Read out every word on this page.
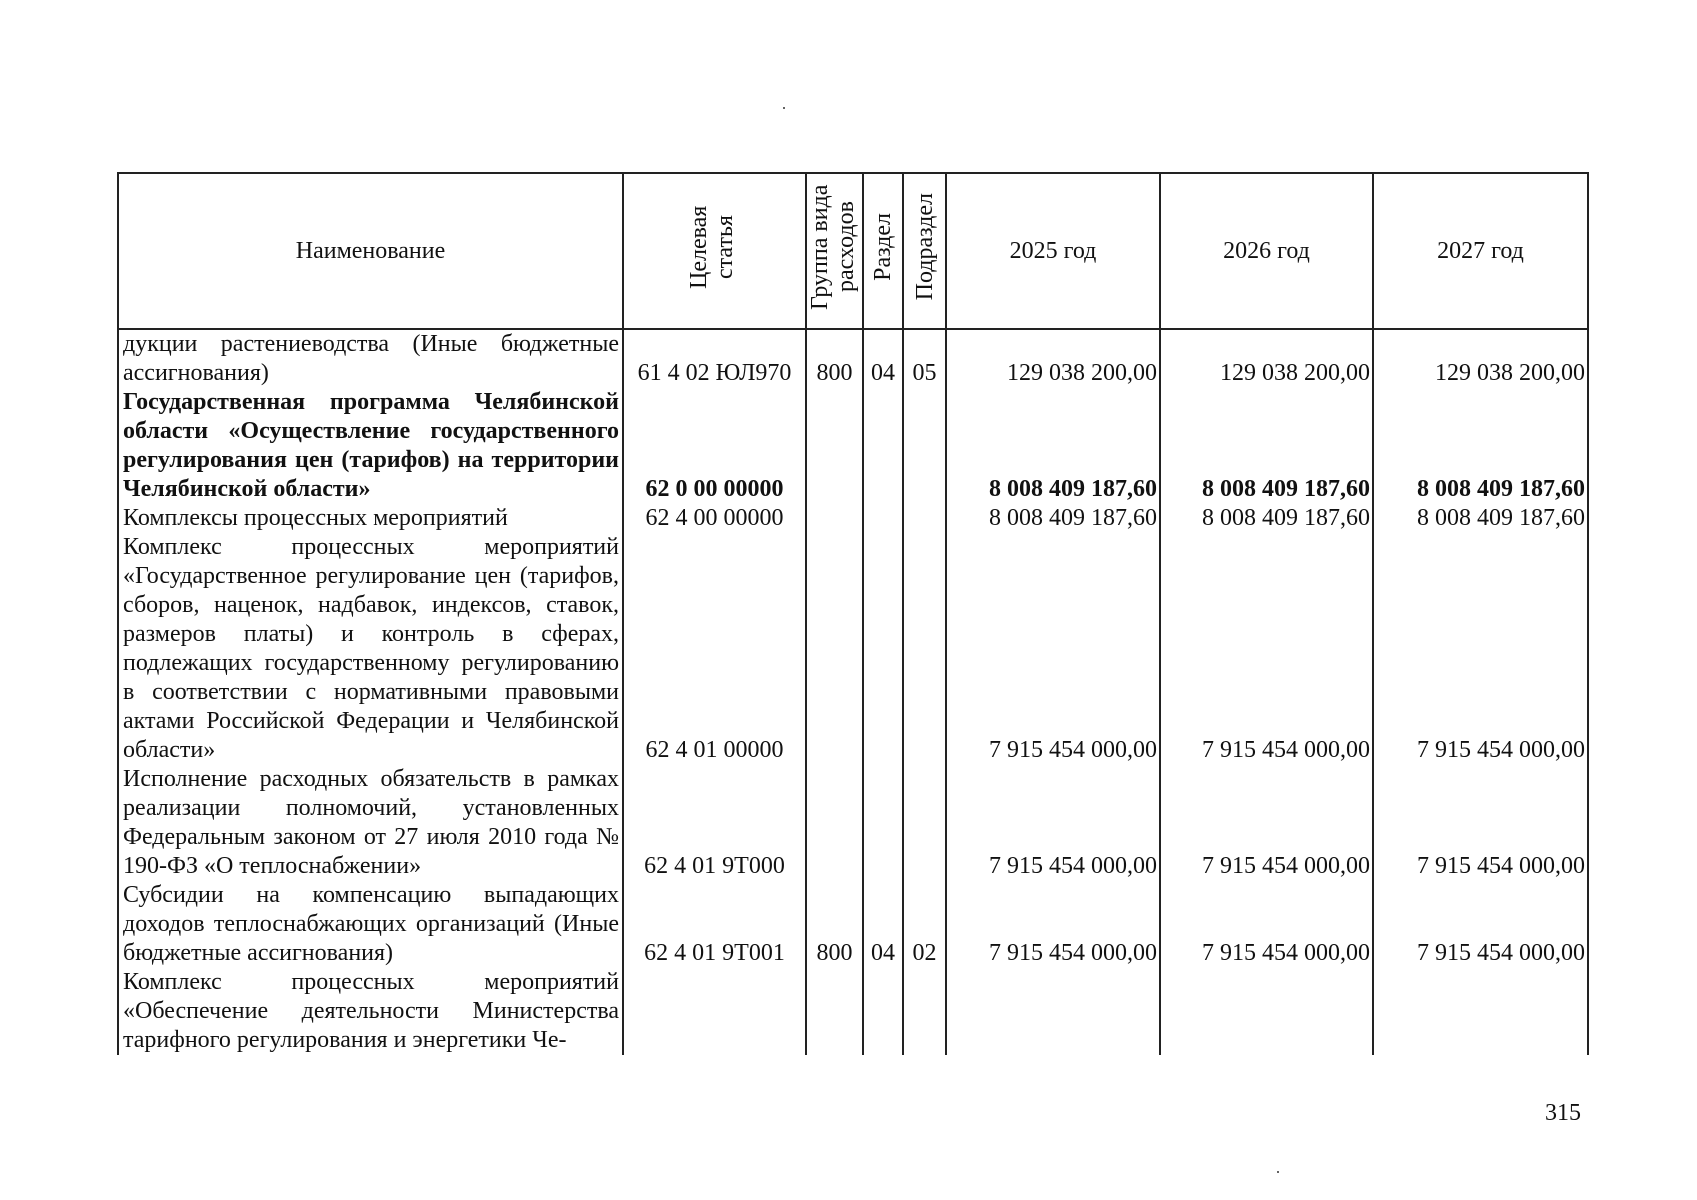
Наименование	Целевая статья	Группа вида расходов	Раздел	Подраздел	2025 год	2026 год	2027 год
дукции растениеводства (Иные бюджетные ассигнования)	61 4 02 ЮЛ970	800	04	05	129 038 200,00	129 038 200,00	129 038 200,00
Государственная программа Челябинской области «Осуществление государственного регулирования цен (тарифов) на территории Челябинской области»	62 0 00 00000				8 008 409 187,60	8 008 409 187,60	8 008 409 187,60
Комплексы процессных мероприятий	62 4 00 00000				8 008 409 187,60	8 008 409 187,60	8 008 409 187,60
Комплекс процессных мероприятий «Государственное регулирование цен (тарифов, сборов, наценок, надбавок, индексов, ставок, размеров платы) и контроль в сферах, подлежащих государственному регулированию в соответствии с нормативными правовыми актами Российской Федерации и Челябинской области»	62 4 01 00000				7 915 454 000,00	7 915 454 000,00	7 915 454 000,00
Исполнение расходных обязательств в рамках реализации полномочий, установленных Федеральным законом от 27 июля 2010 года № 190-ФЗ «О теплоснабжении»	62 4 01 9Т000				7 915 454 000,00	7 915 454 000,00	7 915 454 000,00
Субсидии на компенсацию выпадающих доходов теплоснабжающих организаций (Иные бюджетные ассигнования)	62 4 01 9Т001	800	04	02	7 915 454 000,00	7 915 454 000,00	7 915 454 000,00
Комплекс процессных мероприятий «Обеспечение деятельности Министерства тарифного регулирования и энергетики Че-							
315
